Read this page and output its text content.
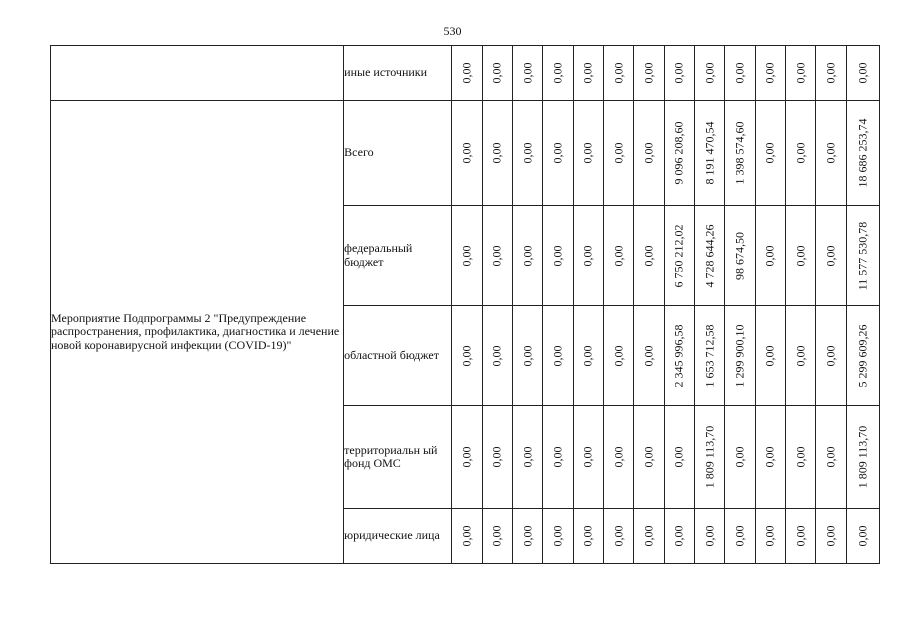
530
	иные источники	0,00	0,00	0,00	0,00	0,00	0,00	0,00	0,00	0,00	0,00	0,00	0,00	0,00	0,00

Мероприятие Подпрограммы 2 "Предупреждение распространения, профилактика, диагностика и лечение новой коронавирусной инфекции (COVID-19)"	Всего	0,00	0,00	0,00	0,00	0,00	0,00	0,00	9 096 208,60	8 191 470,54	1 398 574,60	0,00	0,00	0,00	18 686 253,74

	федеральный бюджет	0,00	0,00	0,00	0,00	0,00	0,00	0,00	6 750 212,02	4 728 644,26	98 674,50	0,00	0,00	0,00	11 577 530,78

	областной бюджет	0,00	0,00	0,00	0,00	0,00	0,00	0,00	2 345 996,58	1 653 712,58	1 299 900,10	0,00	0,00	0,00	5 299 609,26

	территориальн ый фонд ОМС	0,00	0,00	0,00	0,00	0,00	0,00	0,00	0,00	1 809 113,70	0,00	0,00	0,00	0,00	1 809 113,70

	юридические лица	0,00	0,00	0,00	0,00	0,00	0,00	0,00	0,00	0,00	0,00	0,00	0,00	0,00	0,00
